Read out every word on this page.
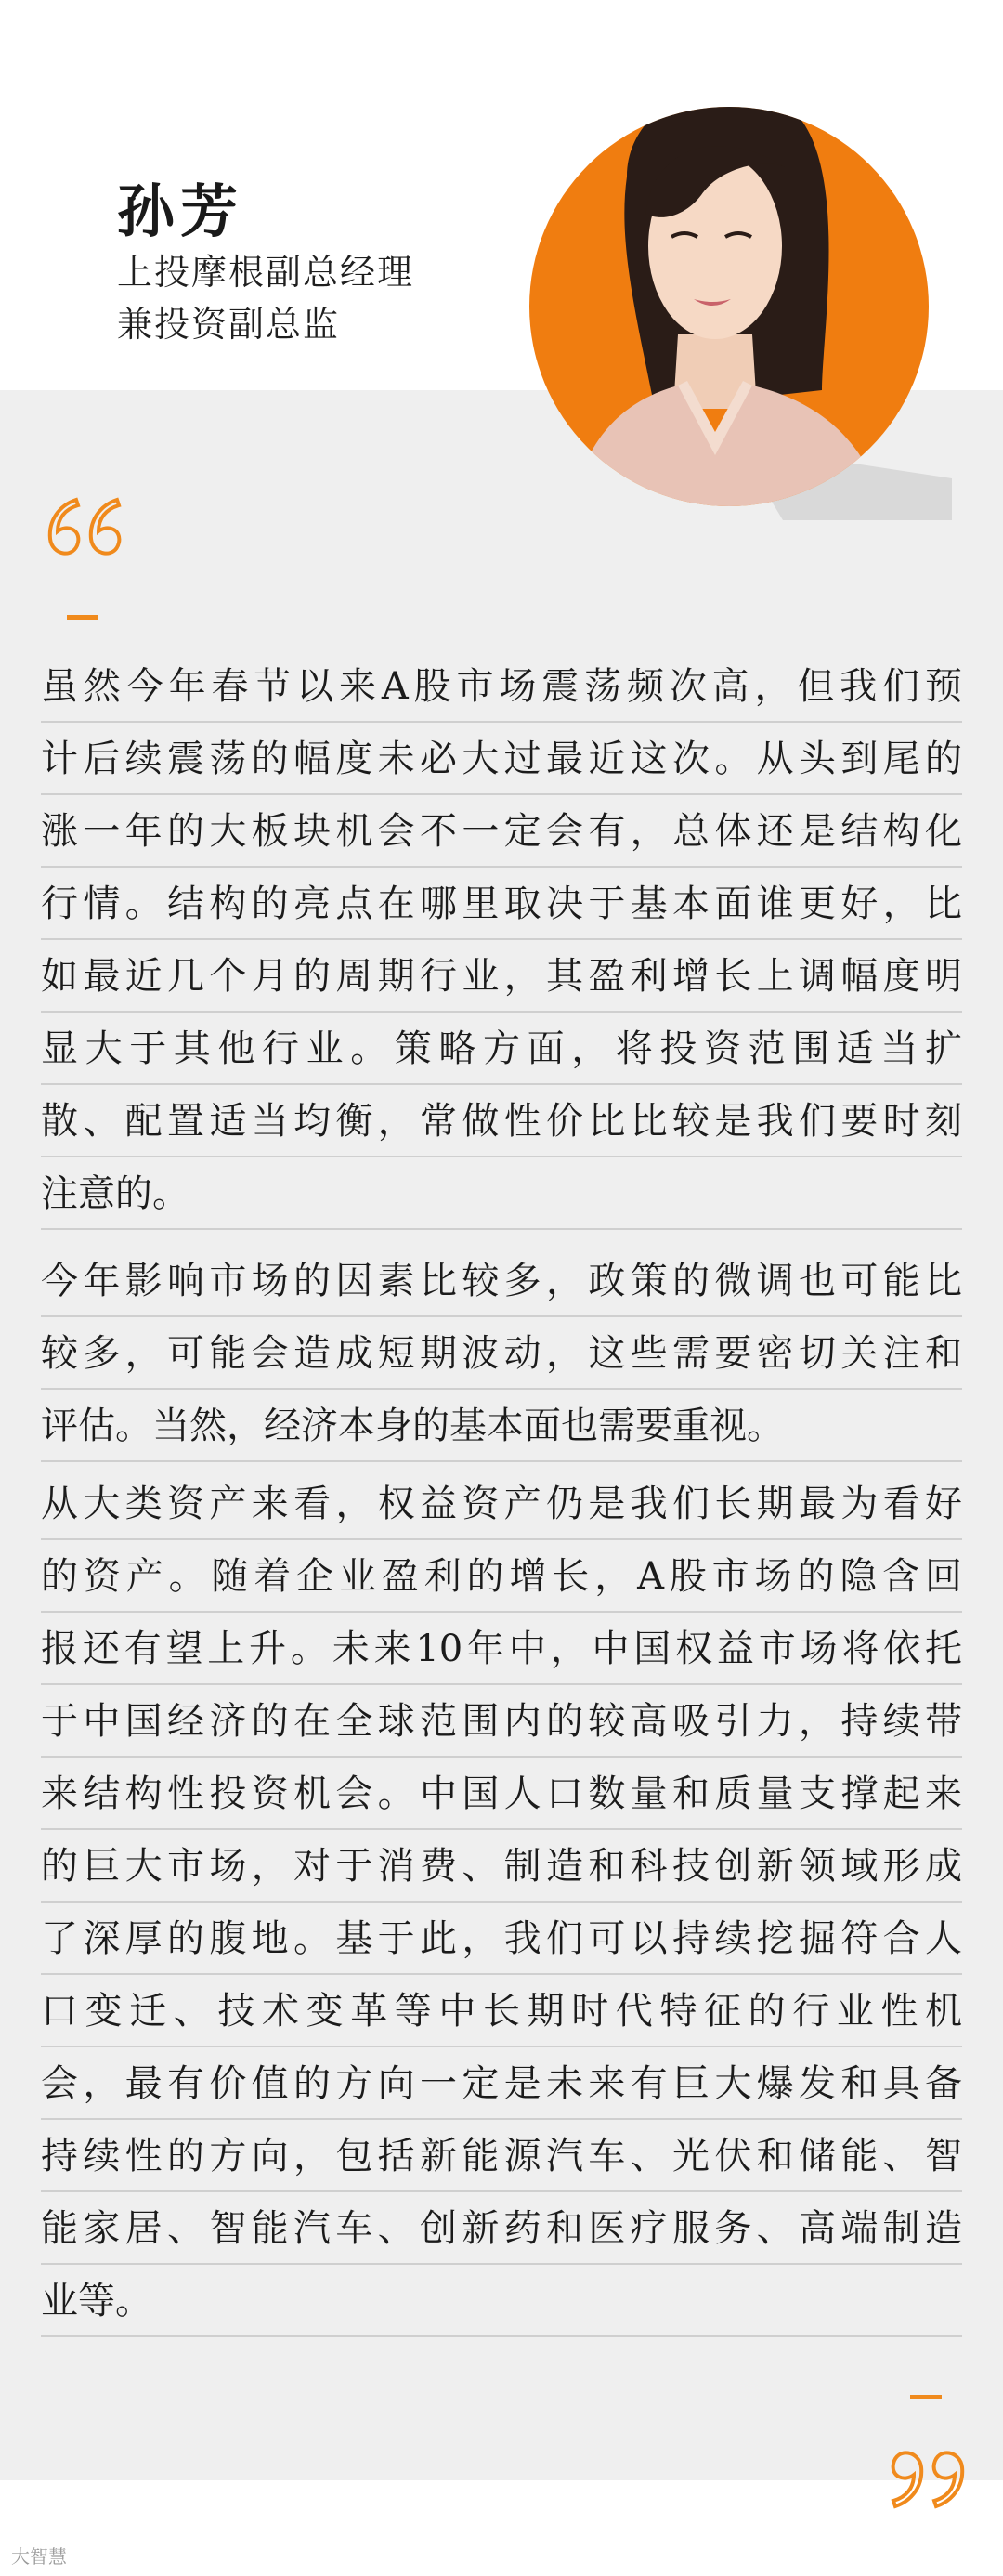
孙芳
上投摩根副总经理
兼投资副总监
虽然今年春节以来A股市场震荡频次高，但我们预
计后续震荡的幅度未必大过最近这次。从头到尾的
涨一年的大板块机会不一定会有，总体还是结构化
行情。结构的亮点在哪里取决于基本面谁更好，比
如最近几个月的周期行业，其盈利增长上调幅度明
显大于其他行业。策略方面，将投资范围适当扩
散、配置适当均衡，常做性价比比较是我们要时刻
注意的。
今年影响市场的因素比较多，政策的微调也可能比
较多，可能会造成短期波动，这些需要密切关注和
评估。当然，经济本身的基本面也需要重视。
从大类资产来看，权益资产仍是我们长期最为看好
的资产。随着企业盈利的增长，A股市场的隐含回
报还有望上升。未来10年中，中国权益市场将依托
于中国经济的在全球范围内的较高吸引力，持续带
来结构性投资机会。中国人口数量和质量支撑起来
的巨大市场，对于消费、制造和科技创新领域形成
了深厚的腹地。基于此，我们可以持续挖掘符合人
口变迁、技术变革等中长期时代特征的行业性机
会，最有价值的方向一定是未来有巨大爆发和具备
持续性的方向，包括新能源汽车、光伏和储能、智
能家居、智能汽车、创新药和医疗服务、高端制造
业等。
大智慧
